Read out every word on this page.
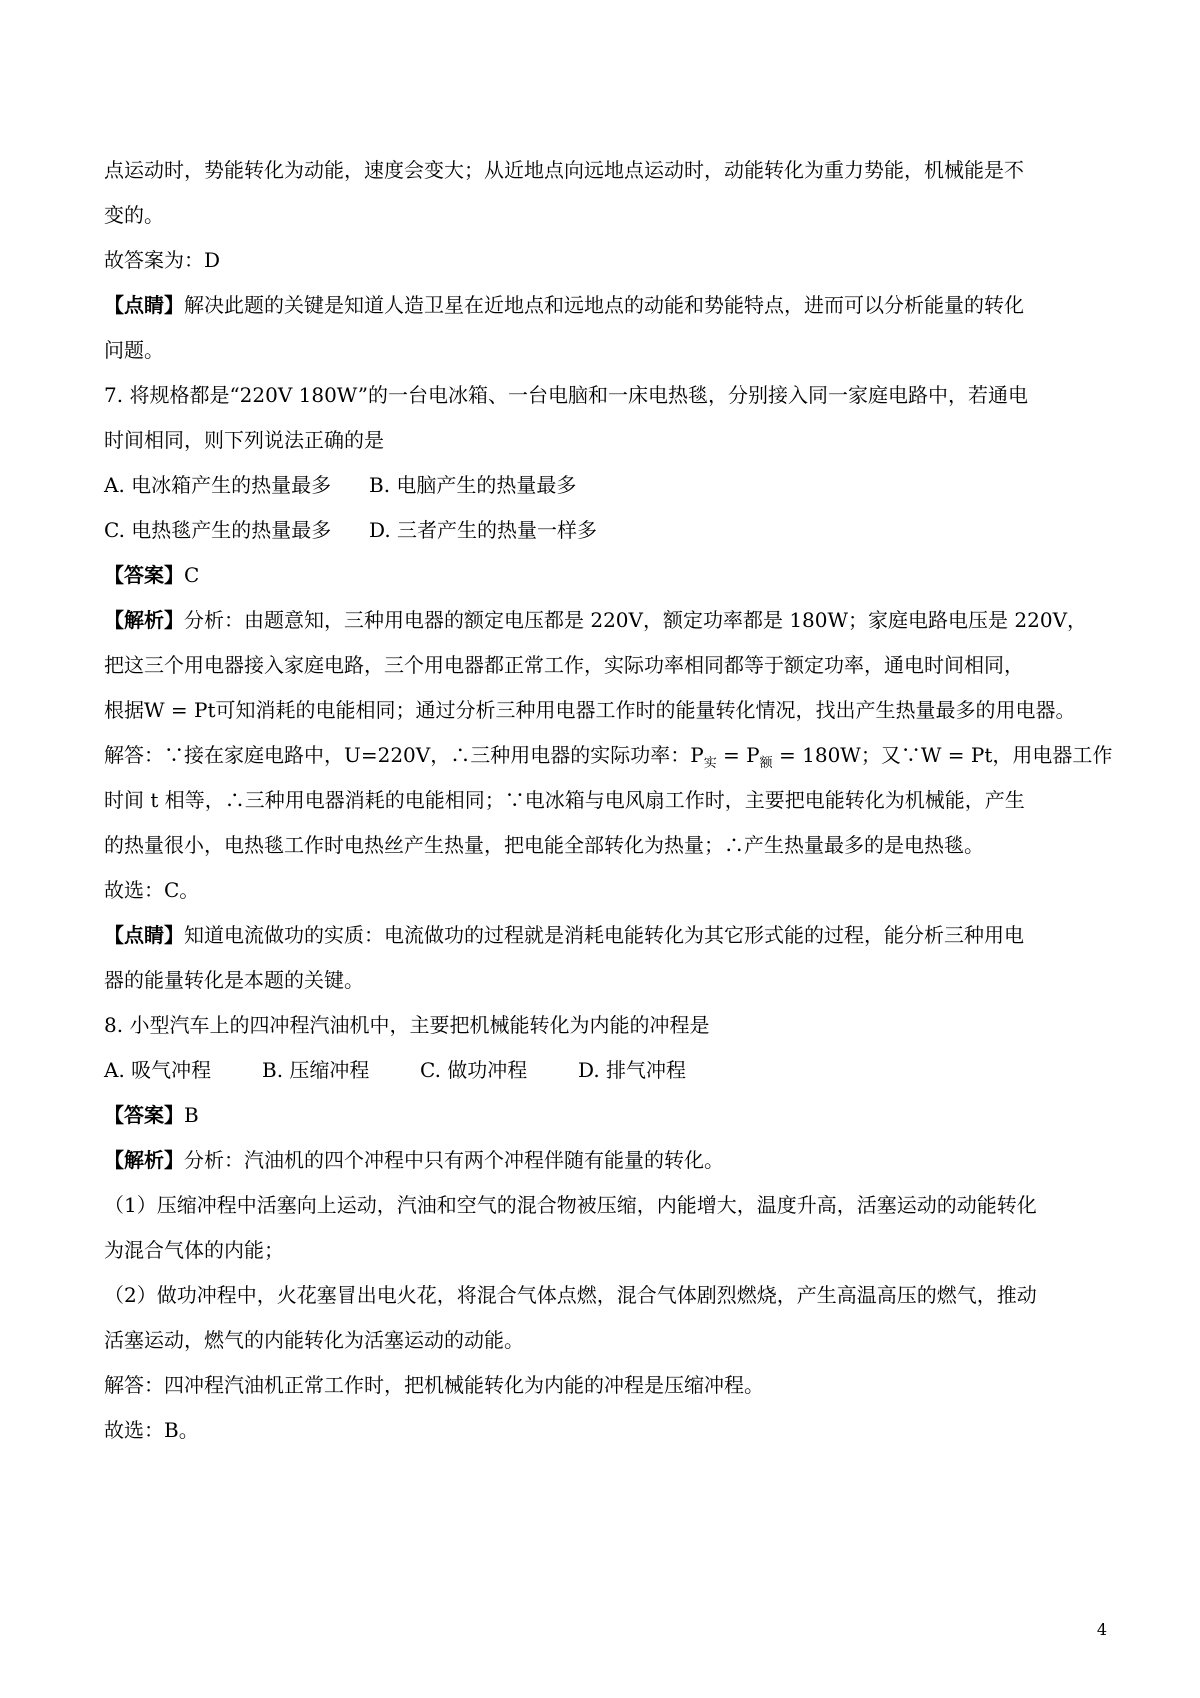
点运动时，势能转化为动能，速度会变大；从近地点向远地点运动时，动能转化为重力势能，机械能是不
变的。
故答案为：D
【点睛】解决此题的关键是知道人造卫星在近地点和远地点的动能和势能特点，进而可以分析能量的转化
问题。
7. 将规格都是“220V 180W”的一台电冰箱、一台电脑和一床电热毯，分别接入同一家庭电路中，若通电
时间相同，则下列说法正确的是
A. 电冰箱产生的热量最多 B. 电脑产生的热量最多
C. 电热毯产生的热量最多 D. 三者产生的热量一样多
【答案】C
【解析】分析：由题意知，三种用电器的额定电压都是 220V，额定功率都是 180W；家庭电路电压是 220V，
把这三个用电器接入家庭电路，三个用电器都正常工作，实际功率相同都等于额定功率，通电时间相同，
根据W = Pt可知消耗的电能相同；通过分析三种用电器工作时的能量转化情况，找出产生热量最多的用电器。
解答：∵接在家庭电路中，U=220V，∴三种用电器的实际功率：$P_实 = P_额 = 180W$；又∵W = Pt，用电器工作
时间 t 相等，∴三种用电器消耗的电能相同；∵电冰箱与电风扇工作时，主要把电能转化为机械能，产生
的热量很小，电热毯工作时电热丝产生热量，把电能全部转化为热量；∴产生热量最多的是电热毯。
故选：C。
【点睛】知道电流做功的实质：电流做功的过程就是消耗电能转化为其它形式能的过程，能分析三种用电
器的能量转化是本题的关键。
8. 小型汽车上的四冲程汽油机中，主要把机械能转化为内能的冲程是
A. 吸气冲程	B. 压缩冲程	C. 做功冲程	D. 排气冲程
【答案】B
【解析】分析：汽油机的四个冲程中只有两个冲程伴随有能量的转化。
（1）压缩冲程中活塞向上运动，汽油和空气的混合物被压缩，内能增大，温度升高，活塞运动的动能转化
为混合气体的内能；
（2）做功冲程中，火花塞冒出电火花，将混合气体点燃，混合气体剧烈燃烧，产生高温高压的燃气，推动
活塞运动，燃气的内能转化为活塞运动的动能。
解答：四冲程汽油机正常工作时，把机械能转化为内能的冲程是压缩冲程。
故选：B。
4
